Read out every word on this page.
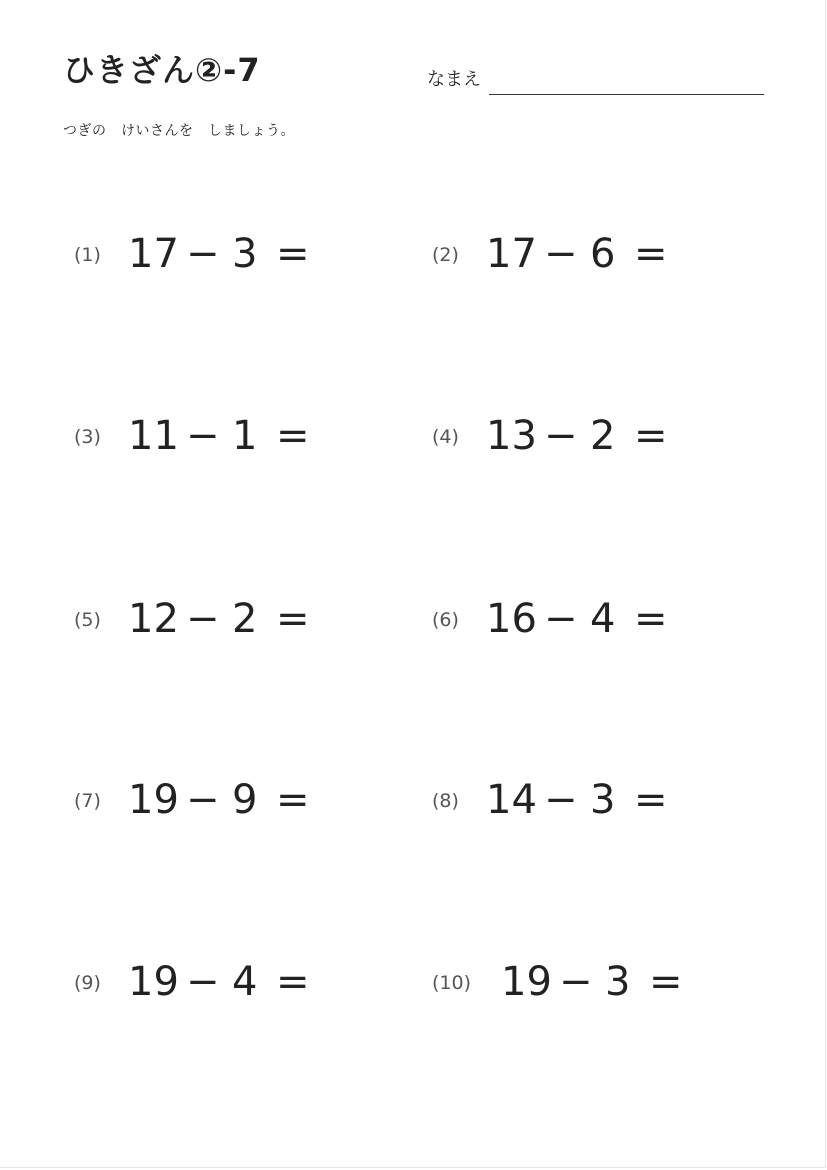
ひきざん②-7	なまえ
つぎの　けいさんを　しましょう。
(1) 17 − 3 =	(2) 17 − 6 =
(3) 11 − 1 =	(4) 13 − 2 =
(5) 12 − 2 =	(6) 16 − 4 =
(7) 19 − 9 =	(8) 14 − 3 =
(9) 19 − 4 =	(10) 19 − 3 =
